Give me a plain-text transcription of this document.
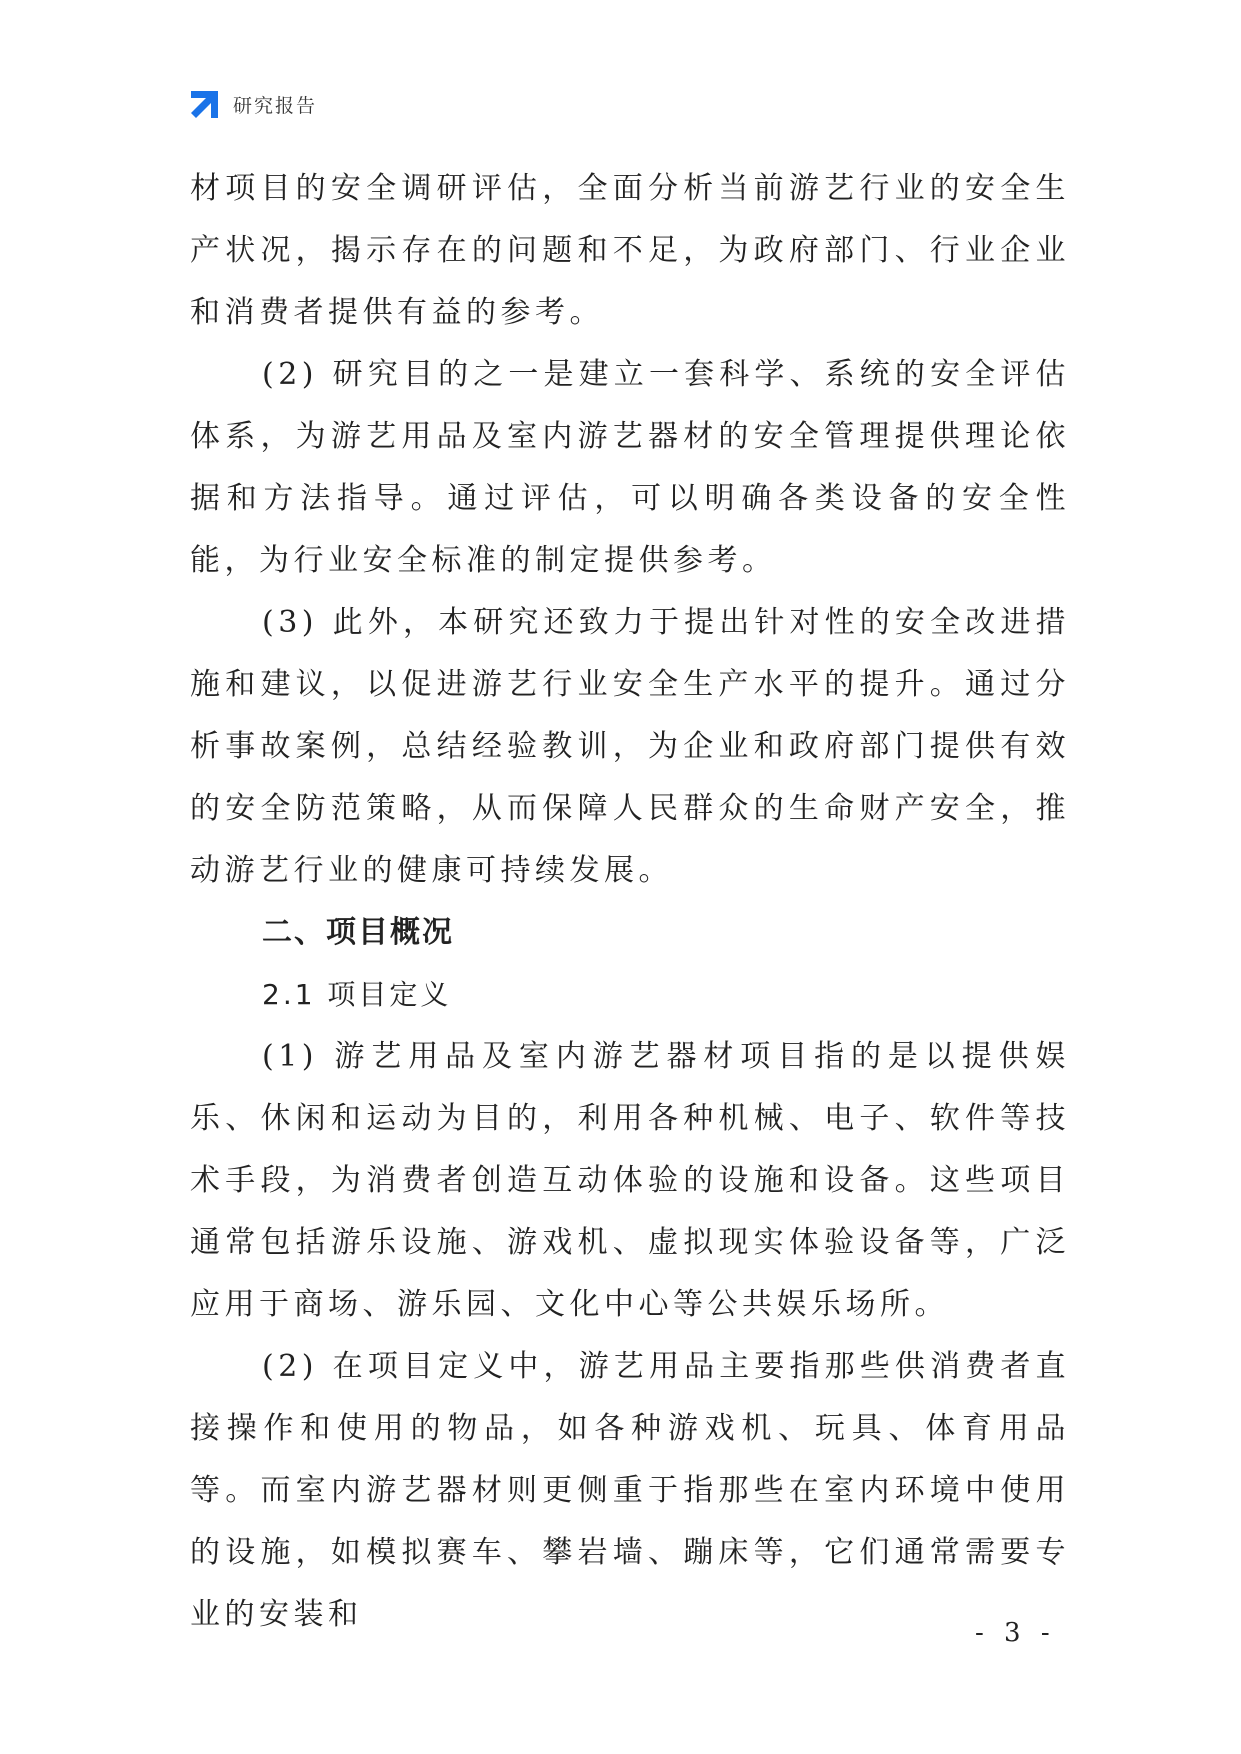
研究报告

材项目的安全调研评估，全面分析当前游艺行业的安全生产状况，揭示存在的问题和不足，为政府部门、行业企业和消费者提供有益的参考。

(2) 研究目的之一是建立一套科学、系统的安全评估体系，为游艺用品及室内游艺器材的安全管理提供理论依据和方法指导。通过评估，可以明确各类设备的安全性能，为行业安全标准的制定提供参考。

(3) 此外，本研究还致力于提出针对性的安全改进措施和建议，以促进游艺行业安全生产水平的提升。通过分析事故案例，总结经验教训，为企业和政府部门提供有效的安全防范策略，从而保障人民群众的生命财产安全，推动游艺行业的健康可持续发展。

二、项目概况

2.1 项目定义

(1) 游艺用品及室内游艺器材项目指的是以提供娱乐、休闲和运动为目的，利用各种机械、电子、软件等技术手段，为消费者创造互动体验的设施和设备。这些项目通常包括游乐设施、游戏机、虚拟现实体验设备等，广泛应用于商场、游乐园、文化中心等公共娱乐场所。

(2) 在项目定义中，游艺用品主要指那些供消费者直接操作和使用的物品，如各种游戏机、玩具、体育用品等。而室内游艺器材则更侧重于指那些在室内环境中使用的设施，如模拟赛车、攀岩墙、蹦床等，它们通常需要专业的安装和

- 3 -
